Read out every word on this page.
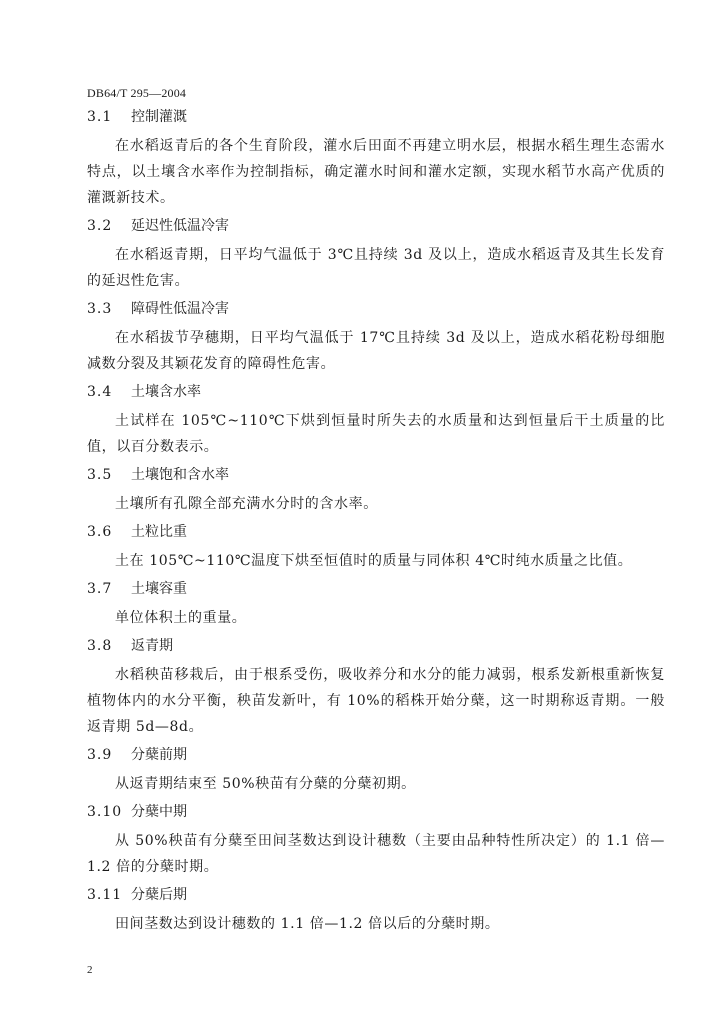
DB64/T 295—2004
3.1	控制灌溉

在水稻返青后的各个生育阶段，灌水后田面不再建立明水层，根据水稻生理生态需水特点，以土壤含水率作为控制指标，确定灌水时间和灌水定额，实现水稻节水高产优质的灌溉新技术。

3.2	延迟性低温冷害

在水稻返青期，日平均气温低于 3℃且持续 3d 及以上，造成水稻返青及其生长发育的延迟性危害。

3.3	障碍性低温冷害

在水稻拔节孕穗期，日平均气温低于 17℃且持续 3d 及以上，造成水稻花粉母细胞减数分裂及其颖花发育的障碍性危害。

3.4	土壤含水率

土试样在 105℃~110℃下烘到恒量时所失去的水质量和达到恒量后干土质量的比值，以百分数表示。

3.5	土壤饱和含水率

土壤所有孔隙全部充满水分时的含水率。

3.6	土粒比重

土在 105℃~110℃温度下烘至恒值时的质量与同体积 4℃时纯水质量之比值。

3.7	土壤容重

单位体积土的重量。

3.8	返青期

水稻秧苗移栽后，由于根系受伤，吸收养分和水分的能力减弱，根系发新根重新恢复植物体内的水分平衡，秧苗发新叶，有 10%的稻株开始分蘖，这一时期称返青期。一般返青期 5d—8d。

3.9	分蘖前期

从返青期结束至 50%秧苗有分蘖的分蘖初期。

3.10 分蘖中期

从 50%秧苗有分蘖至田间茎数达到设计穗数（主要由品种特性所决定）的 1.1 倍—1.2 倍的分蘖时期。

3.11 分蘖后期

田间茎数达到设计穗数的 1.1 倍—1.2 倍以后的分蘖时期。

2
